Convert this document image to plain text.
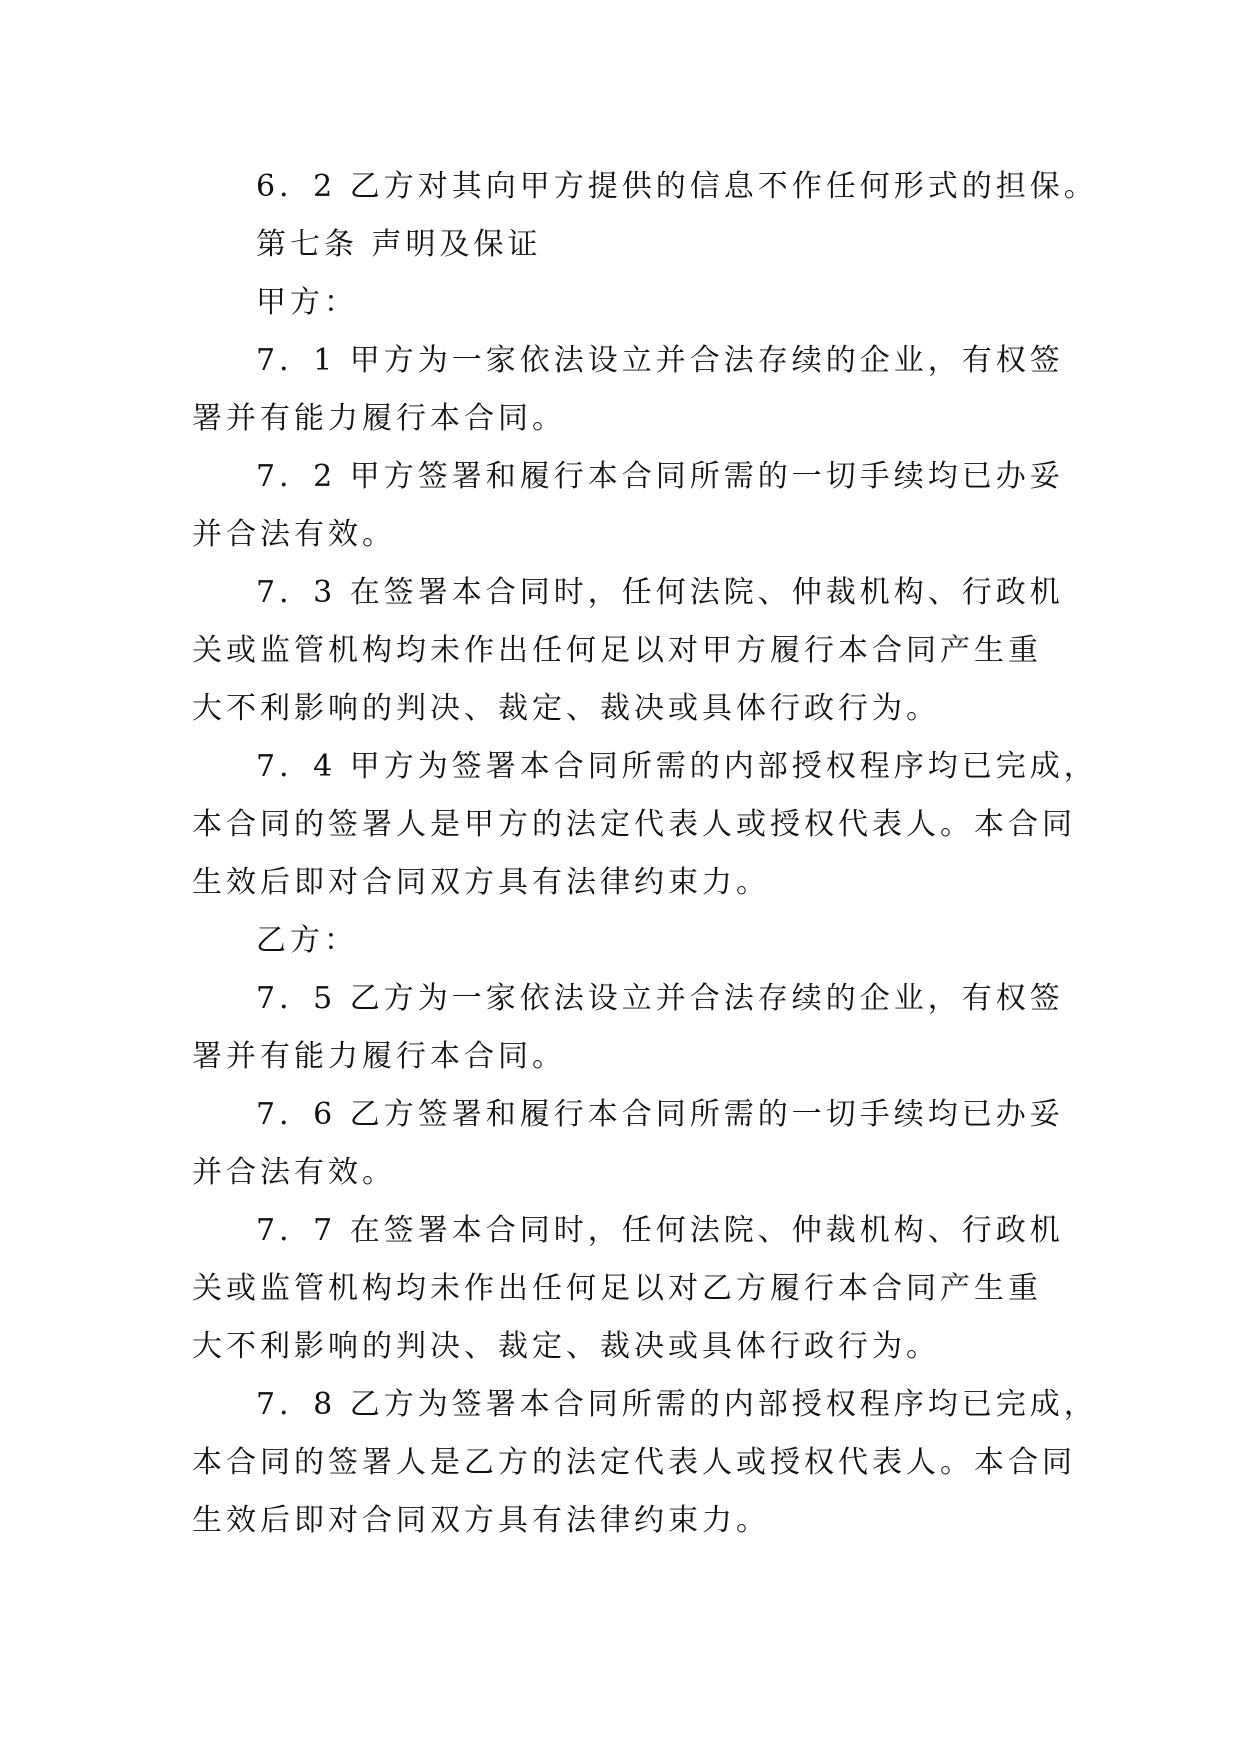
6．2 乙方对其向甲方提供的信息不作任何形式的担保。

第七条 声明及保证

甲方：

7．1 甲方为一家依法设立并合法存续的企业，有权签

署并有能力履行本合同。

7．2 甲方签署和履行本合同所需的一切手续均已办妥

并合法有效。

7．3 在签署本合同时，任何法院、仲裁机构、行政机

关或监管机构均未作出任何足以对甲方履行本合同产生重

大不利影响的判决、裁定、裁决或具体行政行为。

7．4 甲方为签署本合同所需的内部授权程序均已完成，

本合同的签署人是甲方的法定代表人或授权代表人。本合同

生效后即对合同双方具有法律约束力。

乙方：

7．5 乙方为一家依法设立并合法存续的企业，有权签

署并有能力履行本合同。

7．6 乙方签署和履行本合同所需的一切手续均已办妥

并合法有效。

7．7 在签署本合同时，任何法院、仲裁机构、行政机

关或监管机构均未作出任何足以对乙方履行本合同产生重

大不利影响的判决、裁定、裁决或具体行政行为。

7．8 乙方为签署本合同所需的内部授权程序均已完成，

本合同的签署人是乙方的法定代表人或授权代表人。本合同

生效后即对合同双方具有法律约束力。
